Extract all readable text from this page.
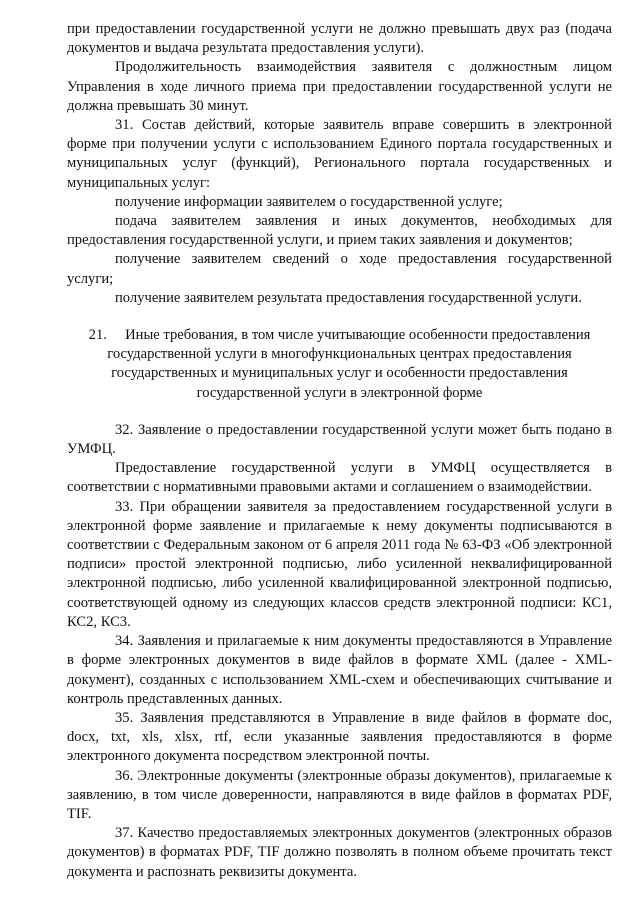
при предоставлении государственной услуги не должно превышать двух раз (подача документов и выдача результата предоставления услуги).

Продолжительность взаимодействия заявителя с должностным лицом Управления в ходе личного приема при предоставлении государственной услуги не должна превышать 30 минут.

31. Состав действий, которые заявитель вправе совершить в электронной форме при получении услуги с использованием Единого портала государственных и муниципальных услуг (функций), Регионального портала государственных и муниципальных услуг:

получение информации заявителем о государственной услуге;

подача заявителем заявления и иных документов, необходимых для предоставления государственной услуги, и прием таких заявления и документов;

получение заявителем сведений о ходе предоставления государственной услуги;

получение заявителем результата предоставления государственной услуги.

21. Иные требования, в том числе учитывающие особенности предоставления государственной услуги в многофункциональных центрах предоставления государственных и муниципальных услуг и особенности предоставления государственной услуги в электронной форме

32. Заявление о предоставлении государственной услуги может быть подано в УМФЦ.

Предоставление государственной услуги в УМФЦ осуществляется в соответствии с нормативными правовыми актами и соглашением о взаимодействии.

33. При обращении заявителя за предоставлением государственной услуги в электронной форме заявление и прилагаемые к нему документы подписываются в соответствии с Федеральным законом от 6 апреля 2011 года № 63-ФЗ «Об электронной подписи» простой электронной подписью, либо усиленной неквалифицированной электронной подписью, либо усиленной квалифицированной электронной подписью, соответствующей одному из следующих классов средств электронной подписи: КС1, КС2, КС3.

34. Заявления и прилагаемые к ним документы предоставляются в Управление в форме электронных документов в виде файлов в формате XML (далее - XML-документ), созданных с использованием XML-схем и обеспечивающих считывание и контроль представленных данных.

35. Заявления представляются в Управление в виде файлов в формате doc, docx, txt, xls, xlsx, rtf, если указанные заявления предоставляются в форме электронного документа посредством электронной почты.

36. Электронные документы (электронные образы документов), прилагаемые к заявлению, в том числе доверенности, направляются в виде файлов в форматах PDF, TIF.

37. Качество предоставляемых электронных документов (электронных образов документов) в форматах PDF, TIF должно позволять в полном объеме прочитать текст документа и распознать реквизиты документа.
